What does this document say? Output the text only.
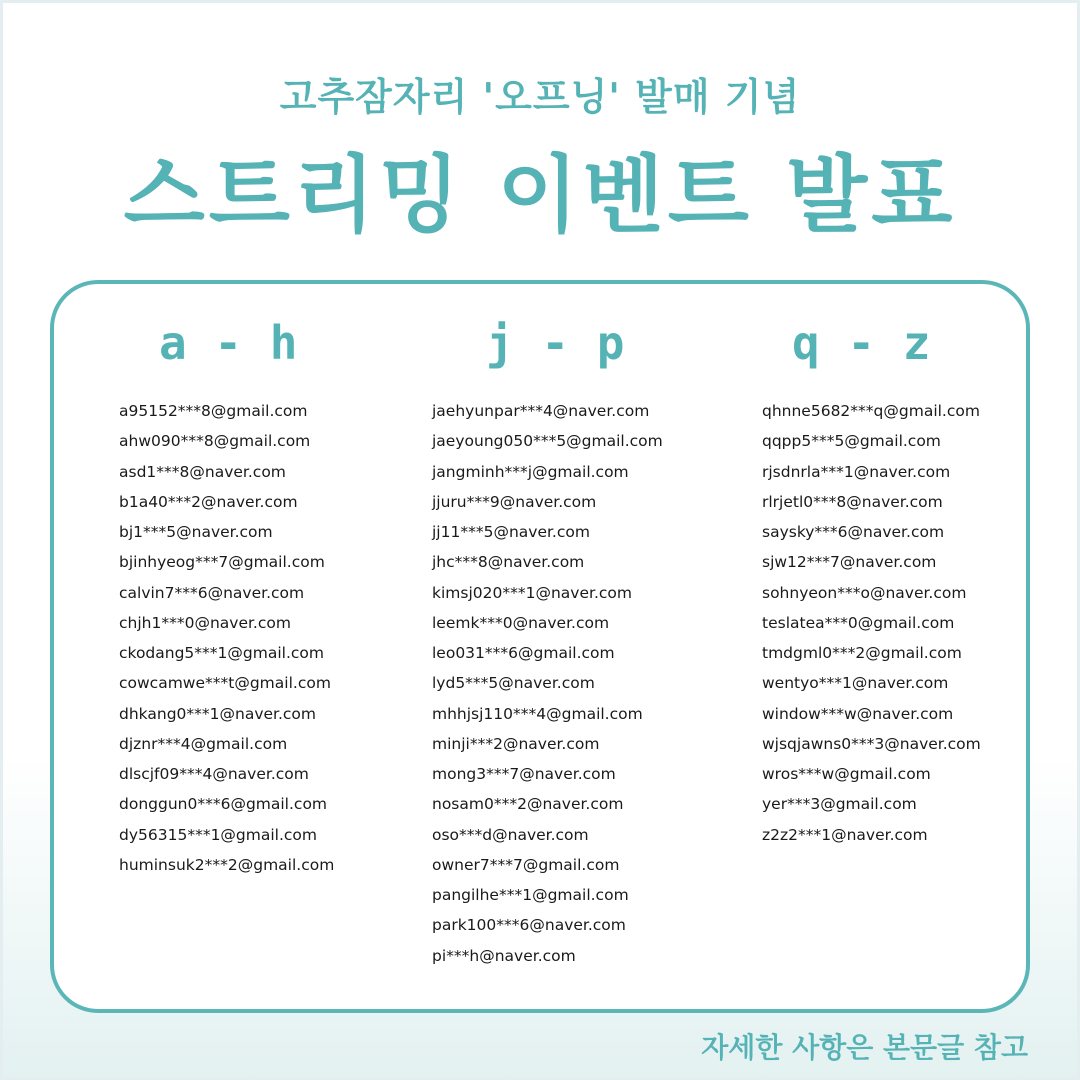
고추잠자리 '오프닝' 발매 기념
스트리밍 이벤트 발표
a - h
a95152***8@gmail.com
ahw090***8@gmail.com
asd1***8@naver.com
b1a40***2@naver.com
bj1***5@naver.com
bjinhyeog***7@gmail.com
calvin7***6@naver.com
chjh1***0@naver.com
ckodang5***1@gmail.com
cowcamwe***t@gmail.com
dhkang0***1@naver.com
djznr***4@gmail.com
dlscjf09***4@naver.com
donggun0***6@gmail.com
dy56315***1@gmail.com
huminsuk2***2@gmail.com
j - p
jaehyunpar***4@naver.com
jaeyoung050***5@gmail.com
jangminh***j@gmail.com
jjuru***9@naver.com
jj11***5@naver.com
jhc***8@naver.com
kimsj020***1@naver.com
leemk***0@naver.com
leo031***6@gmail.com
lyd5***5@naver.com
mhhjsj110***4@gmail.com
minji***2@naver.com
mong3***7@naver.com
nosam0***2@naver.com
oso***d@naver.com
owner7***7@gmail.com
pangilhe***1@gmail.com
park100***6@naver.com
pi***h@naver.com
q - z
qhnne5682***q@gmail.com
qqpp5***5@gmail.com
rjsdnrla***1@naver.com
rlrjetl0***8@naver.com
saysky***6@naver.com
sjw12***7@naver.com
sohnyeon***o@naver.com
teslatea***0@gmail.com
tmdgml0***2@gmail.com
wentyo***1@naver.com
window***w@naver.com
wjsqjawns0***3@naver.com
wros***w@gmail.com
yer***3@gmail.com
z2z2***1@naver.com
자세한 사항은 본문글 참고
